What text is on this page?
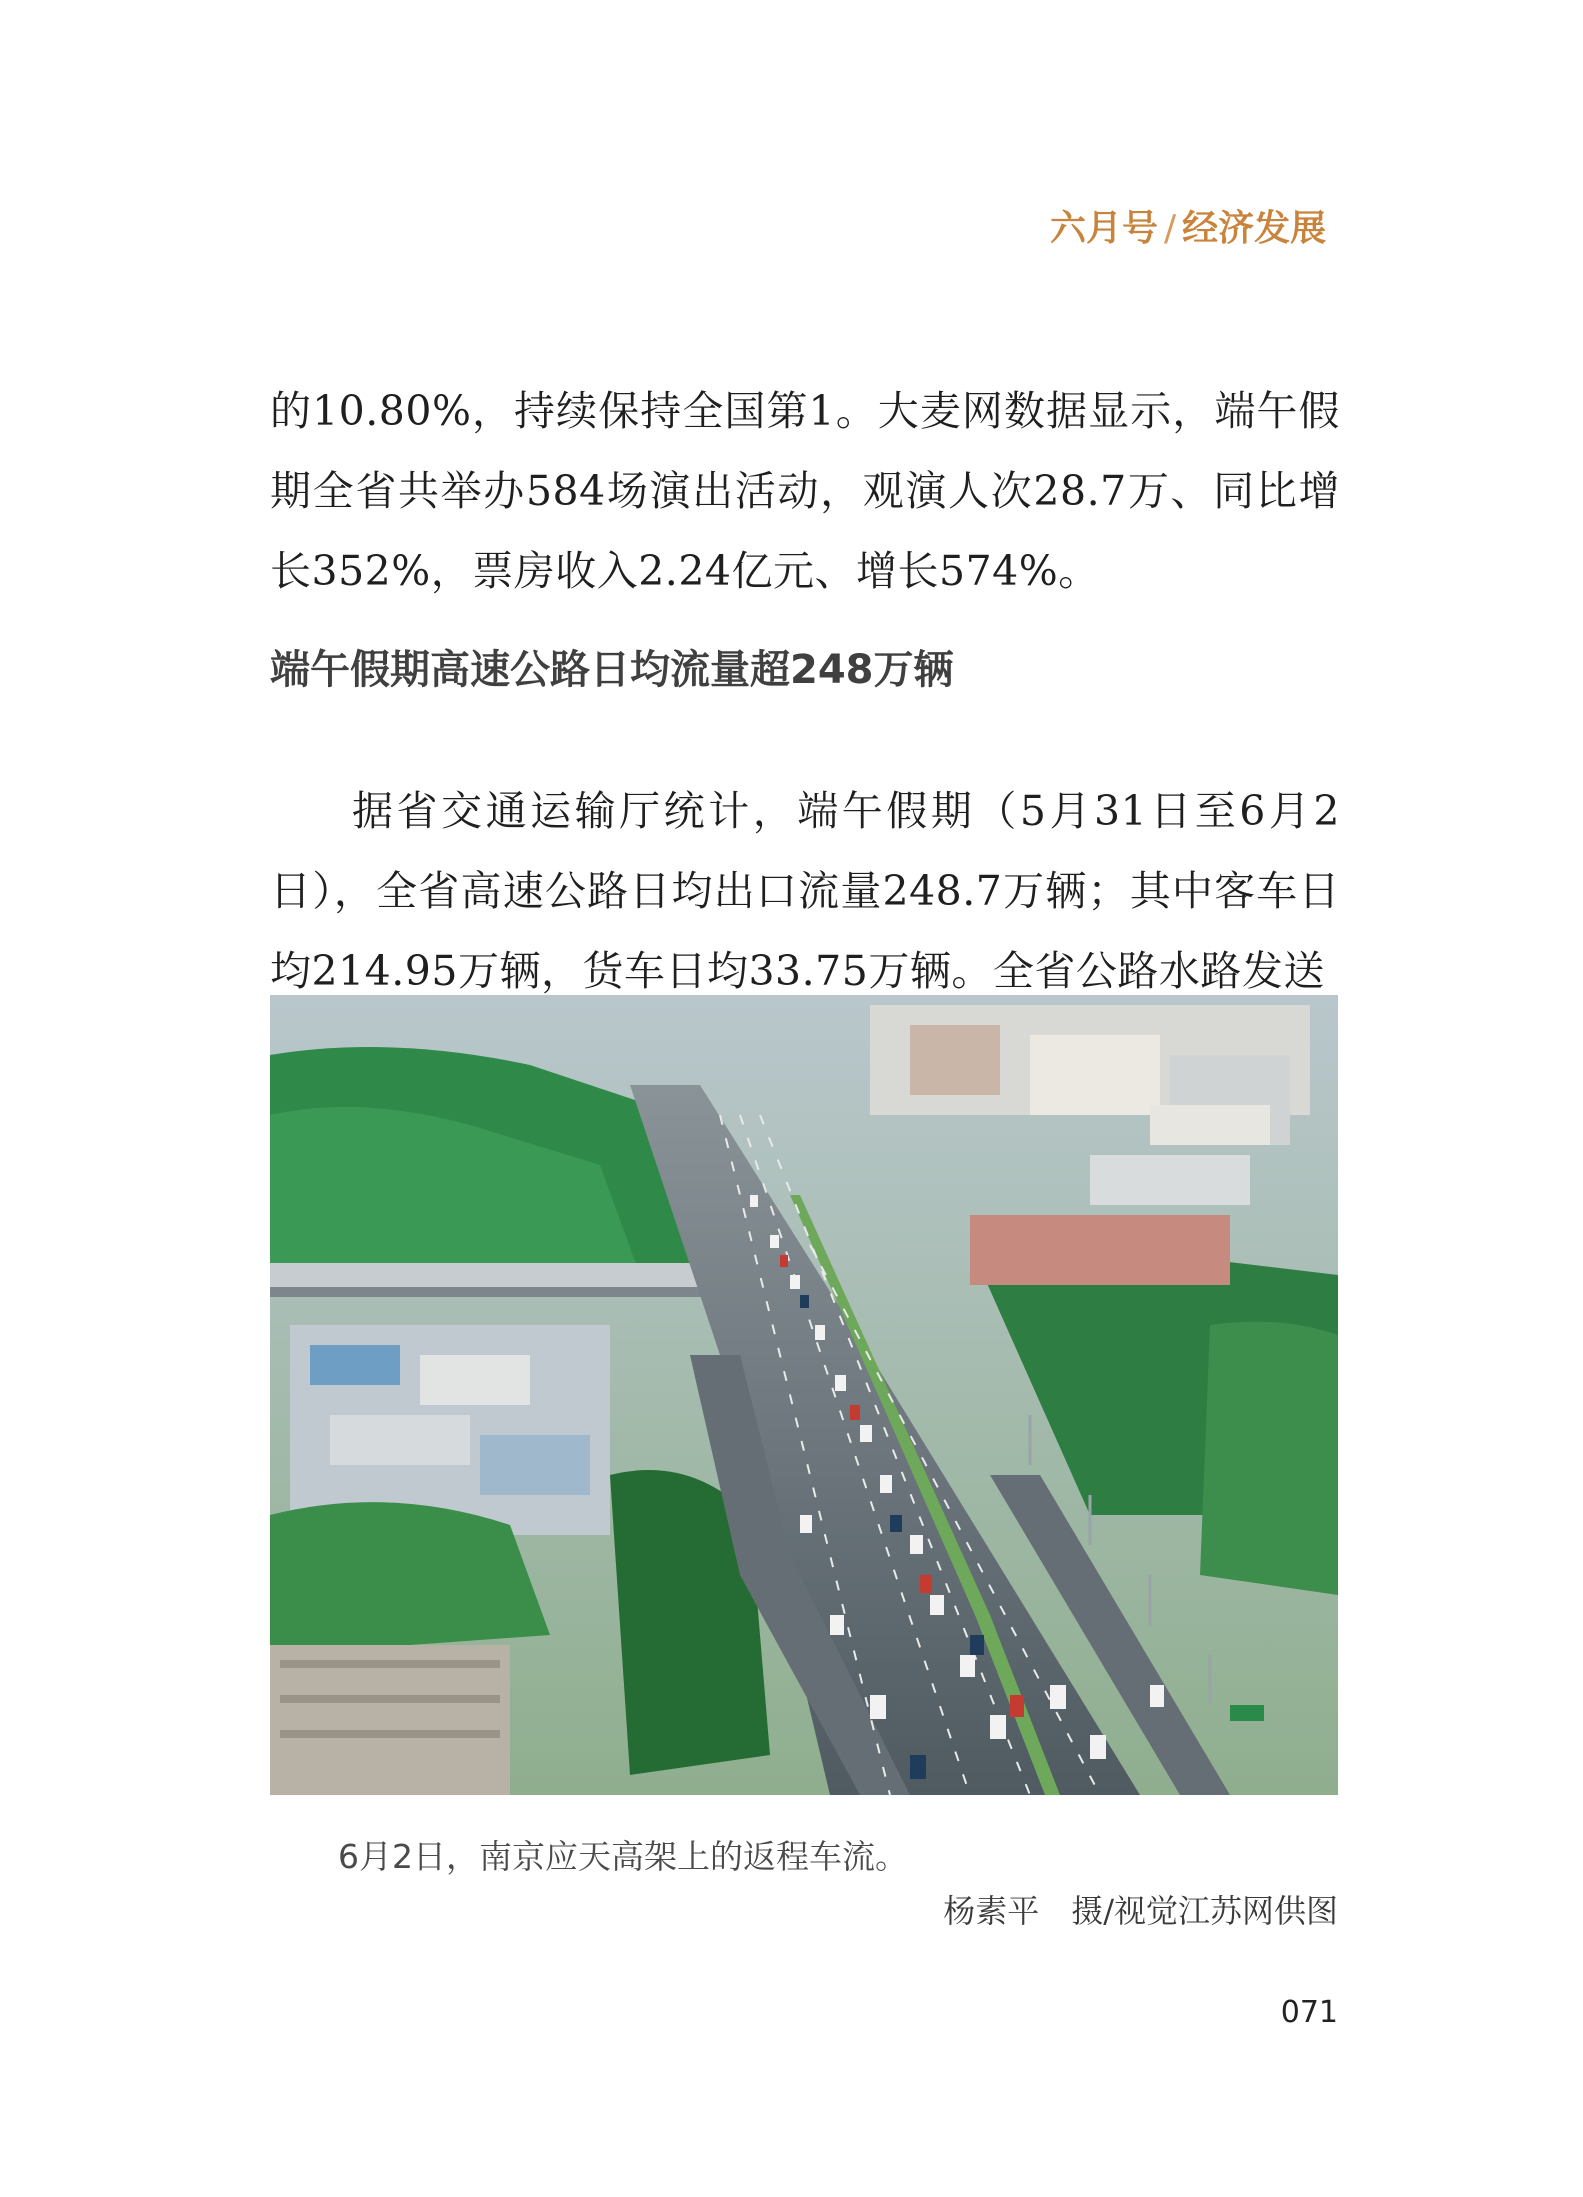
六月号 / 经济发展

的10.80%，持续保持全国第1。大麦网数据显示，端午假期全省共举办584场演出活动，观演人次28.7万、同比增长352%，票房收入2.24亿元、增长574%。

端午假期高速公路日均流量超248万辆

据省交通运输厅统计，端午假期（5月31日至6月2日），全省高速公路日均出口流量248.7万辆；其中客车日均214.95万辆，货车日均33.75万辆。全省公路水路发送

6月2日，南京应天高架上的返程车流。
杨素平　摄/视觉江苏网供图
071
